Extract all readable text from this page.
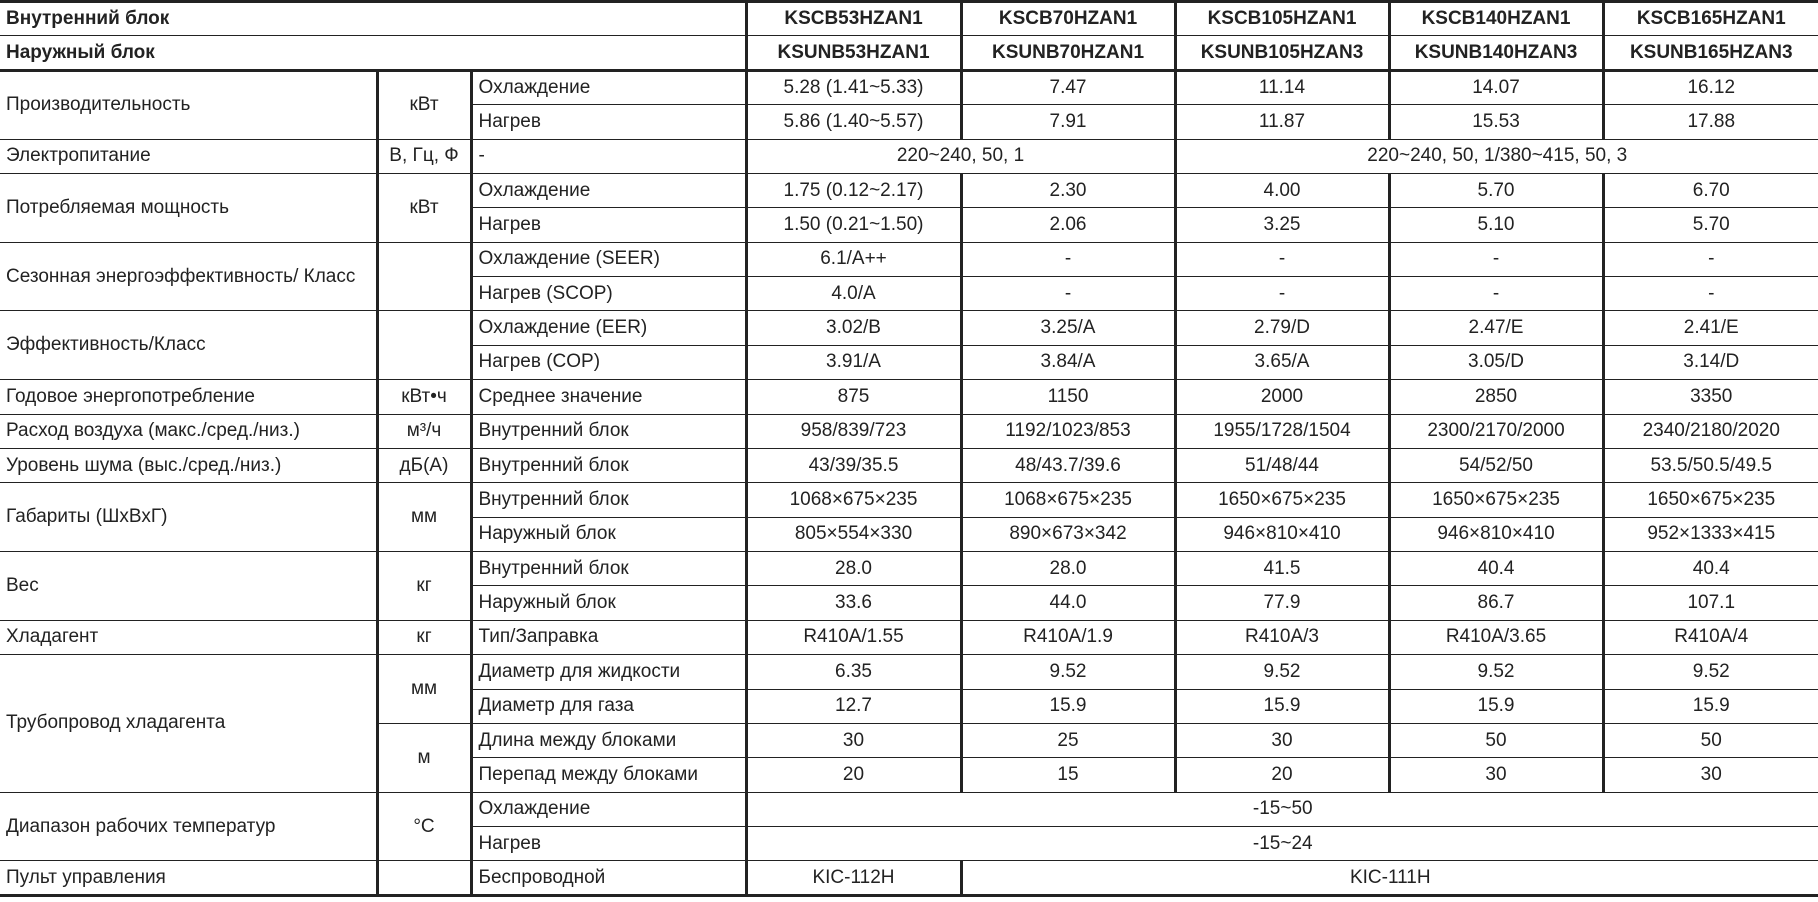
Внутренний блок			KSCB53HZAN1	KSCB70HZAN1	KSCB105HZAN1	KSCB140HZAN1	KSCB165HZAN1
Наружный блок			KSUNB53HZAN1	KSUNB70HZAN1	KSUNB105HZAN3	KSUNB140HZAN3	KSUNB165HZAN3
Производительность	кВт	Охлаждение	5.28 (1.41~5.33)	7.47	11.14	14.07	16.12
		Нагрев	5.86 (1.40~5.57)	7.91	11.87	15.53	17.88
Электропитание	В, Гц, Ф	-	220~240, 50, 1		220~240, 50, 1/380~415, 50, 3		
Потребляемая мощность	кВт	Охлаждение	1.75 (0.12~2.17)	2.30	4.00	5.70	6.70
		Нагрев	1.50 (0.21~1.50)	2.06	3.25	5.10	5.70
Сезонная энергоэффективность/ Класс		Охлаждение (SEER)	6.1/A++	-	-	-	-
		Нагрев (SCOP)	4.0/A	-	-	-	-
Эффективность/Класс		Охлаждение (EER)	3.02/B	3.25/A	2.79/D	2.47/E	2.41/E
		Нагрев (COP)	3.91/A	3.84/A	3.65/A	3.05/D	3.14/D
Годовое энергопотребление	кВт•ч	Среднее значение	875	1150	2000	2850	3350
Расход воздуха (макс./сред./низ.)	м³/ч	Внутренний блок	958/839/723	1192/1023/853	1955/1728/1504	2300/2170/2000	2340/2180/2020
Уровень шума (выс./сред./низ.)	дБ(А)	Внутренний блок	43/39/35.5	48/43.7/39.6	51/48/44	54/52/50	53.5/50.5/49.5
Габариты (ШхВхГ)	мм	Внутренний блок	1068×675×235	1068×675×235	1650×675×235	1650×675×235	1650×675×235
		Наружный блок	805×554×330	890×673×342	946×810×410	946×810×410	952×1333×415
Вес	кг	Внутренний блок	28.0	28.0	41.5	40.4	40.4
		Наружный блок	33.6	44.0	77.9	86.7	107.1
Хладагент	кг	Тип/Заправка	R410A/1.55	R410A/1.9	R410A/3	R410A/3.65	R410A/4
Трубопровод хладагента	мм	Диаметр для жидкости	6.35	9.52	9.52	9.52	9.52
		Диаметр для газа	12.7	15.9	15.9	15.9	15.9
	м	Длина между блоками	30	25	30	50	50
		Перепад между блоками	20	15	20	30	30
Диапазон рабочих температур	°C	Охлаждение	-15~50				
		Нагрев	-15~24				
Пульт управления		Беспроводной	KIC-112H	KIC-111H			
